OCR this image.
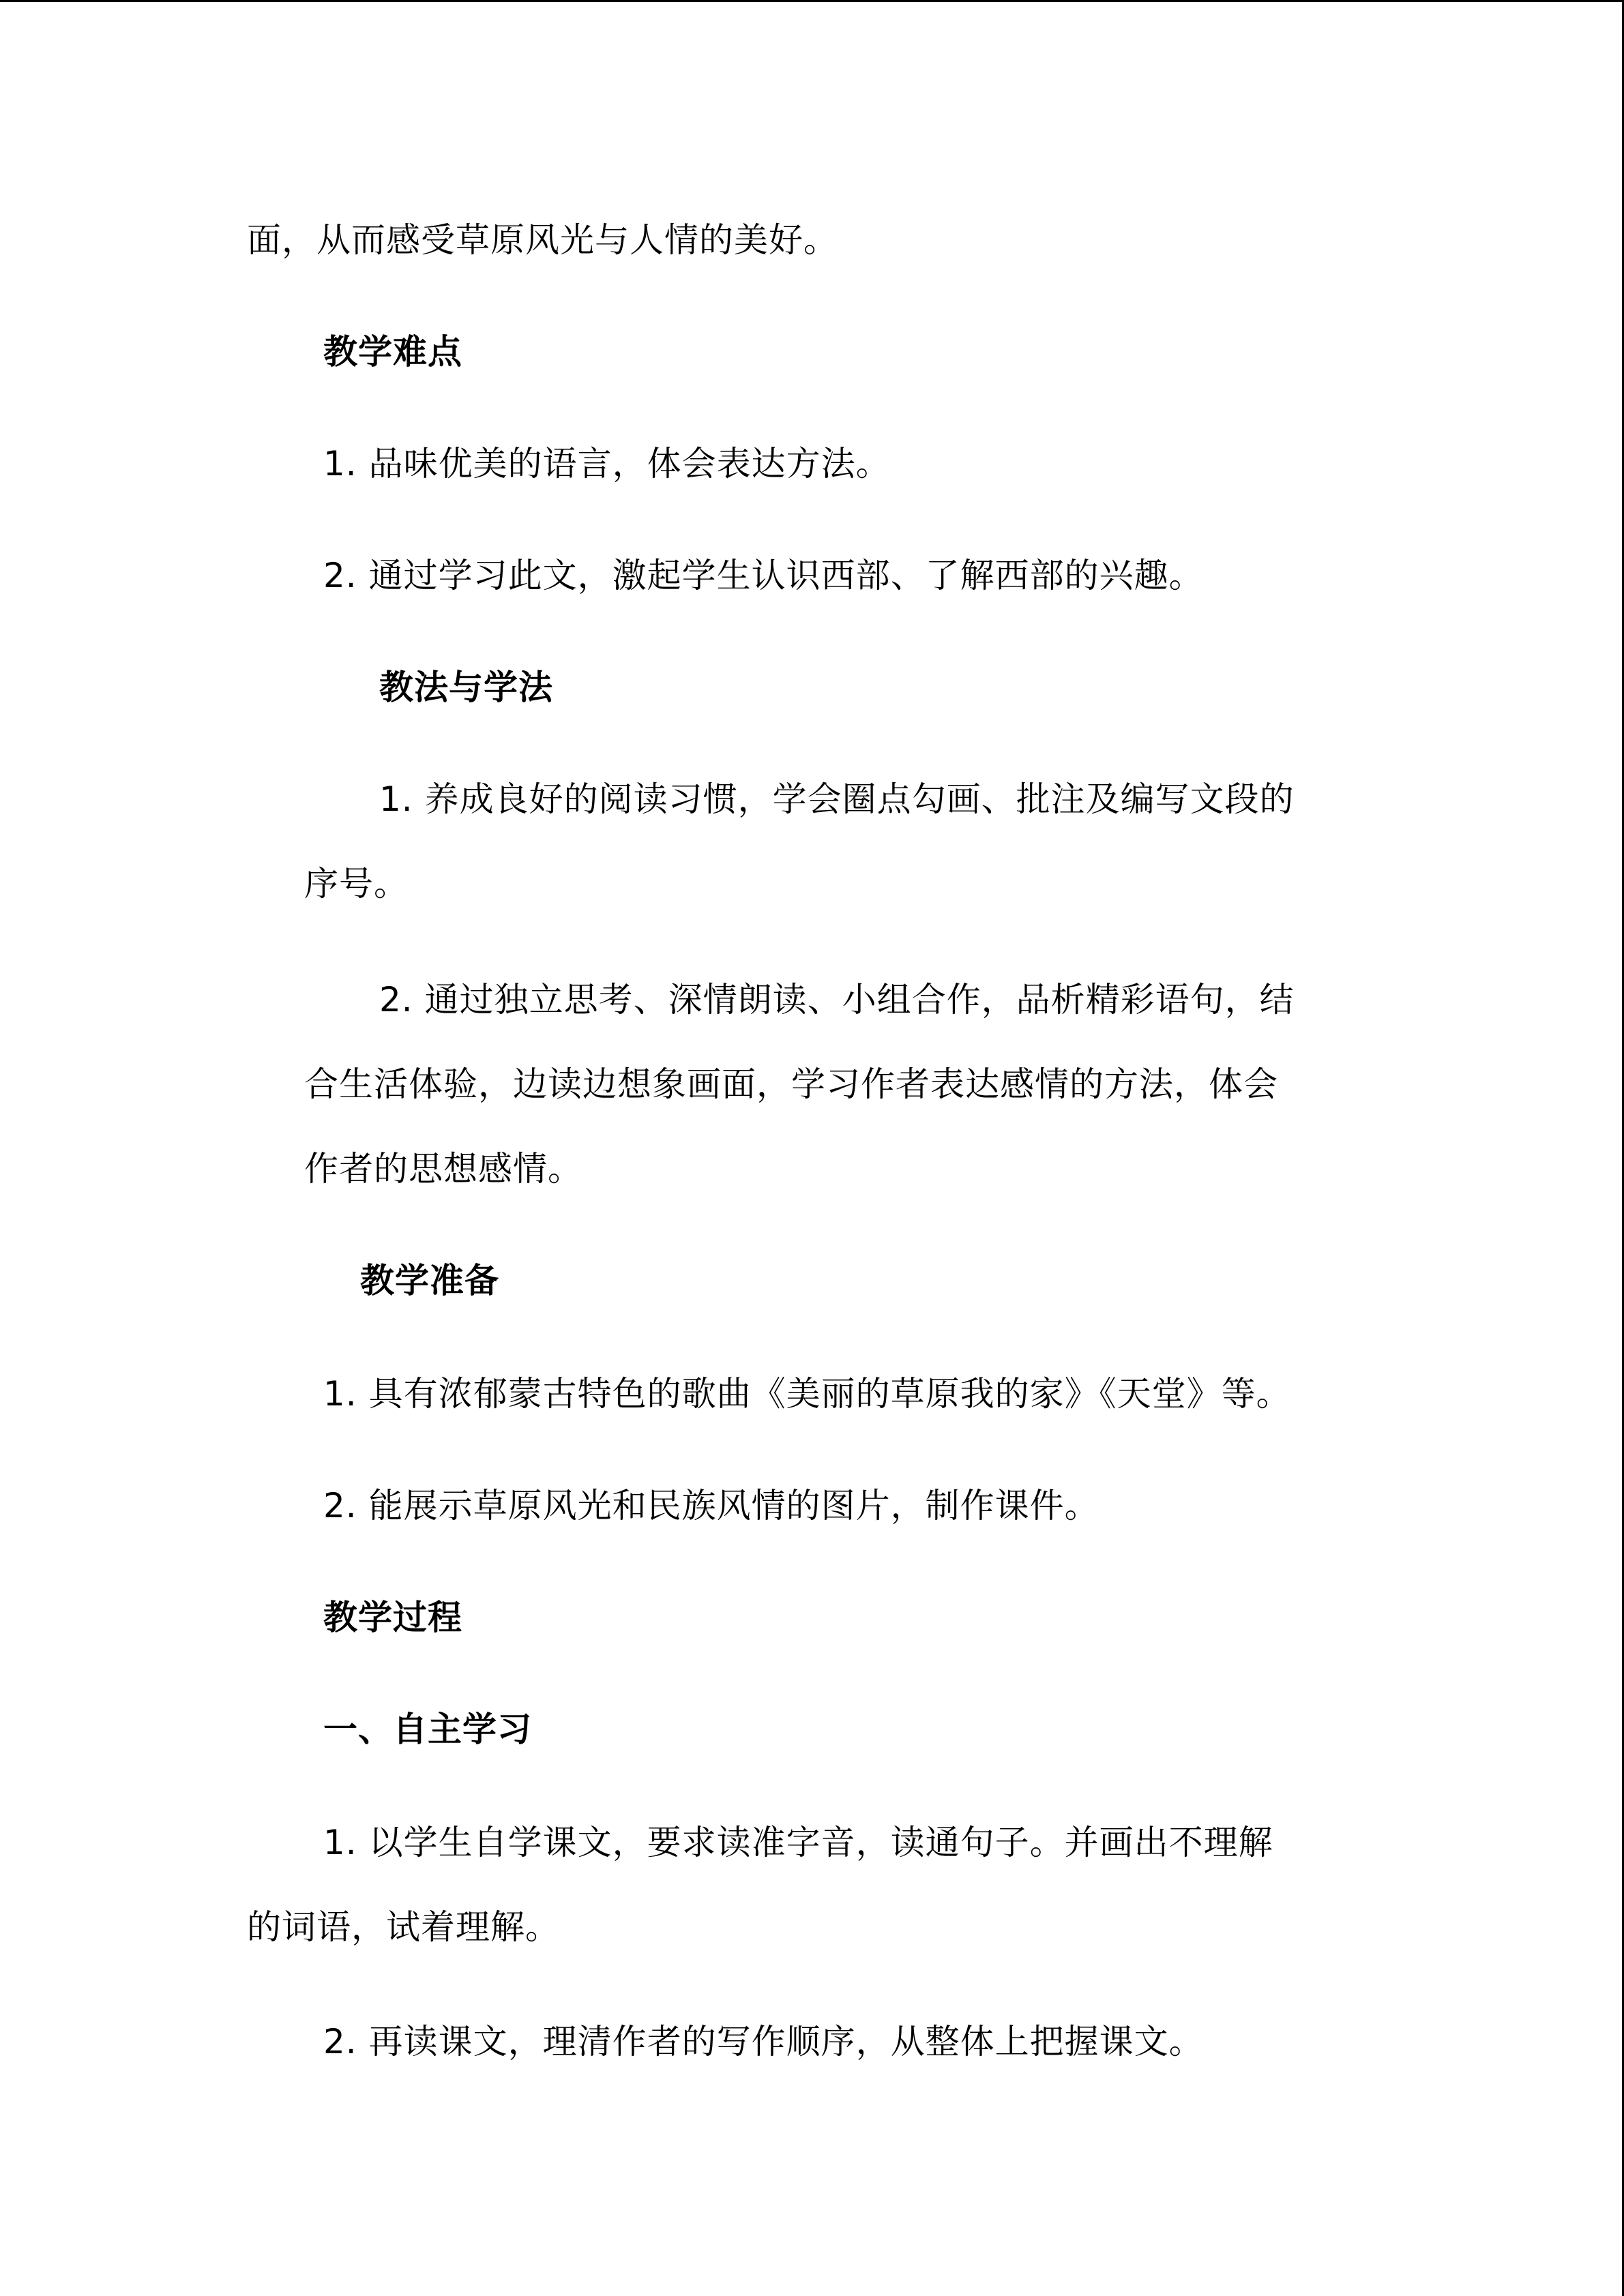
面，从而感受草原风光与人情的美好。
教学难点
1. 品味优美的语言，体会表达方法。
2. 通过学习此文，激起学生认识西部、了解西部的兴趣。
教法与学法
1. 养成良好的阅读习惯，学会圈点勾画、批注及编写文段的
序号。
2. 通过独立思考、深情朗读、小组合作，品析精彩语句，结
合生活体验，边读边想象画面，学习作者表达感情的方法，体会
作者的思想感情。
教学准备
1. 具有浓郁蒙古特色的歌曲《美丽的草原我的家》《天堂》等。
2. 能展示草原风光和民族风情的图片，制作课件。
教学过程
一、自主学习
1. 以学生自学课文，要求读准字音，读通句子。并画出不理解
的词语，试着理解。
2. 再读课文，理清作者的写作顺序，从整体上把握课文。
